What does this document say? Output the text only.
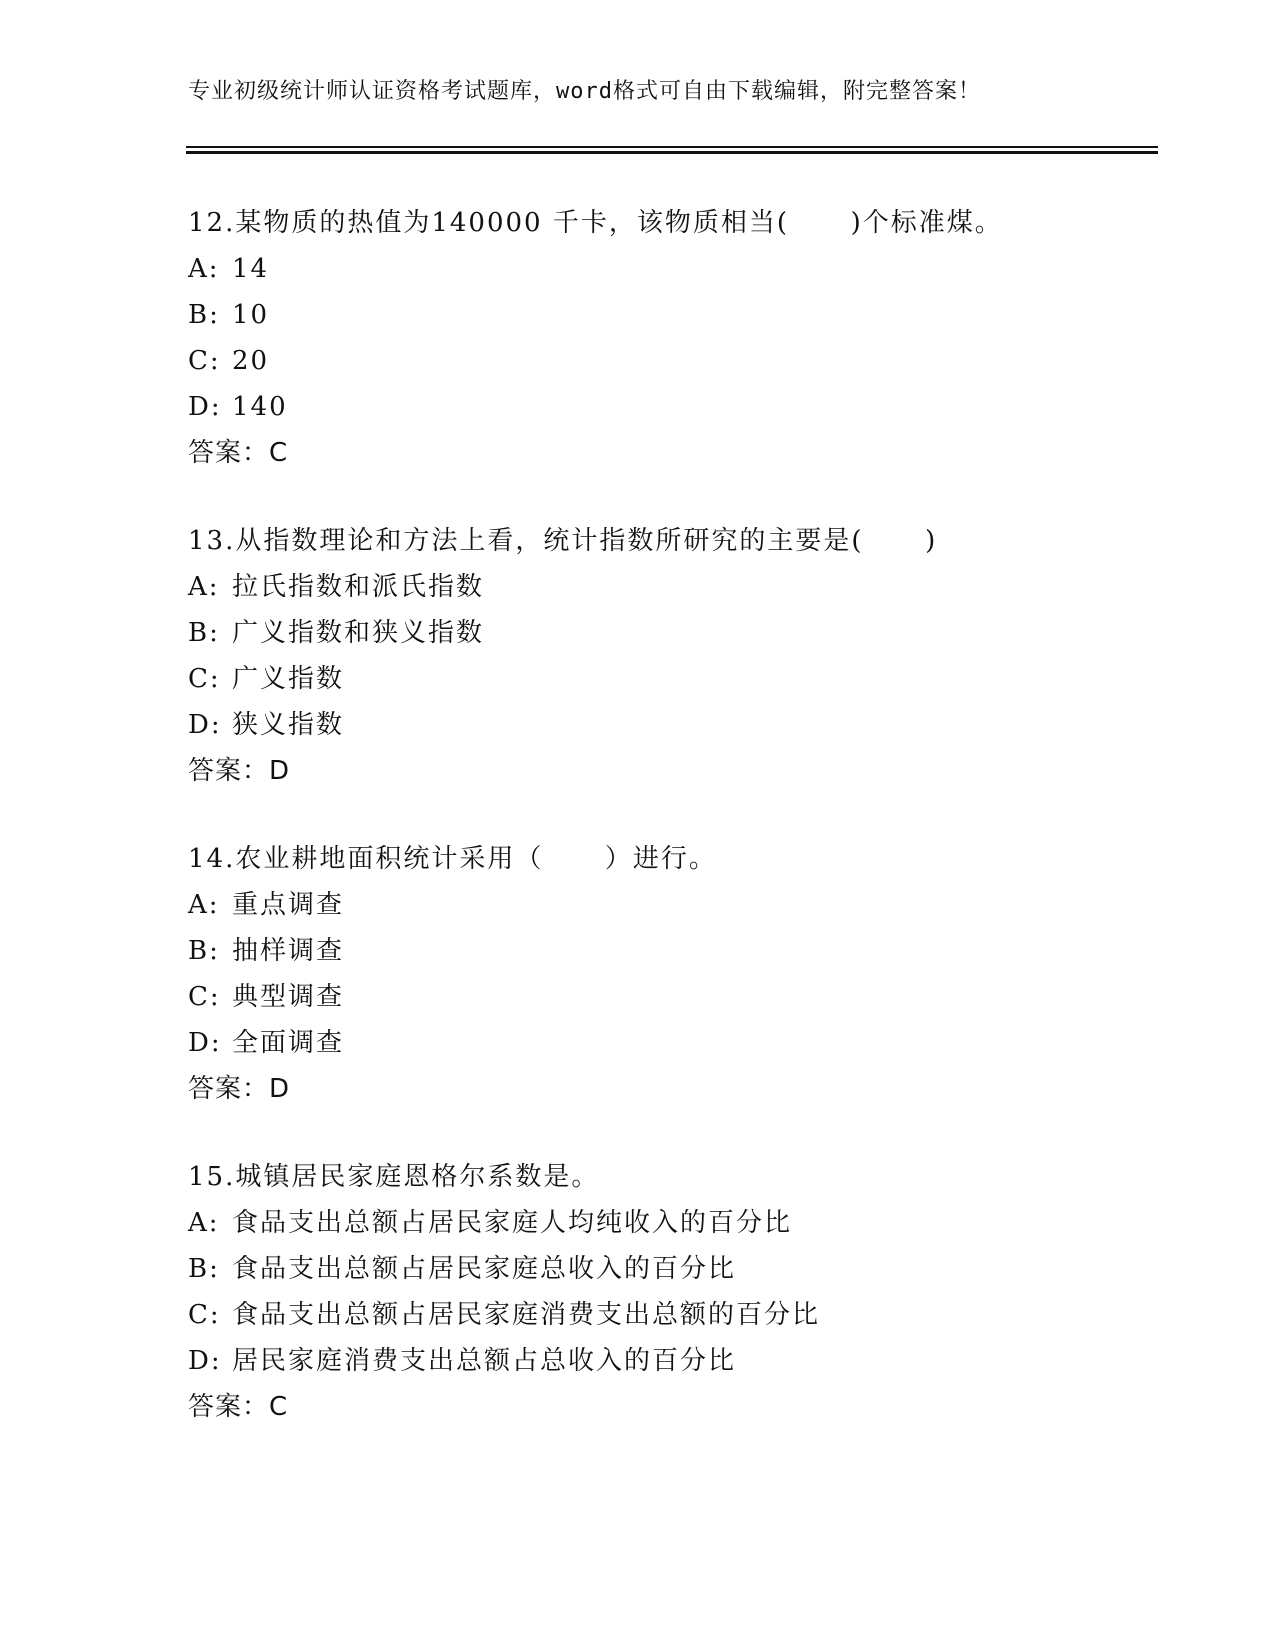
专业初级统计师认证资格考试题库，word格式可自由下载编辑，附完整答案！
12.某物质的热值为140000 千卡，该物质相当(      )个标准煤。
A: 14
B: 10
C: 20
D: 140
答案：C
13.从指数理论和方法上看，统计指数所研究的主要是(      )
A: 拉氏指数和派氏指数
B: 广义指数和狭义指数
C: 广义指数
D: 狭义指数
答案：D
14.农业耕地面积统计采用（      ）进行。
A: 重点调查
B: 抽样调查
C: 典型调查
D: 全面调查
答案：D
15.城镇居民家庭恩格尔系数是。
A: 食品支出总额占居民家庭人均纯收入的百分比
B: 食品支出总额占居民家庭总收入的百分比
C: 食品支出总额占居民家庭消费支出总额的百分比
D: 居民家庭消费支出总额占总收入的百分比
答案：C
